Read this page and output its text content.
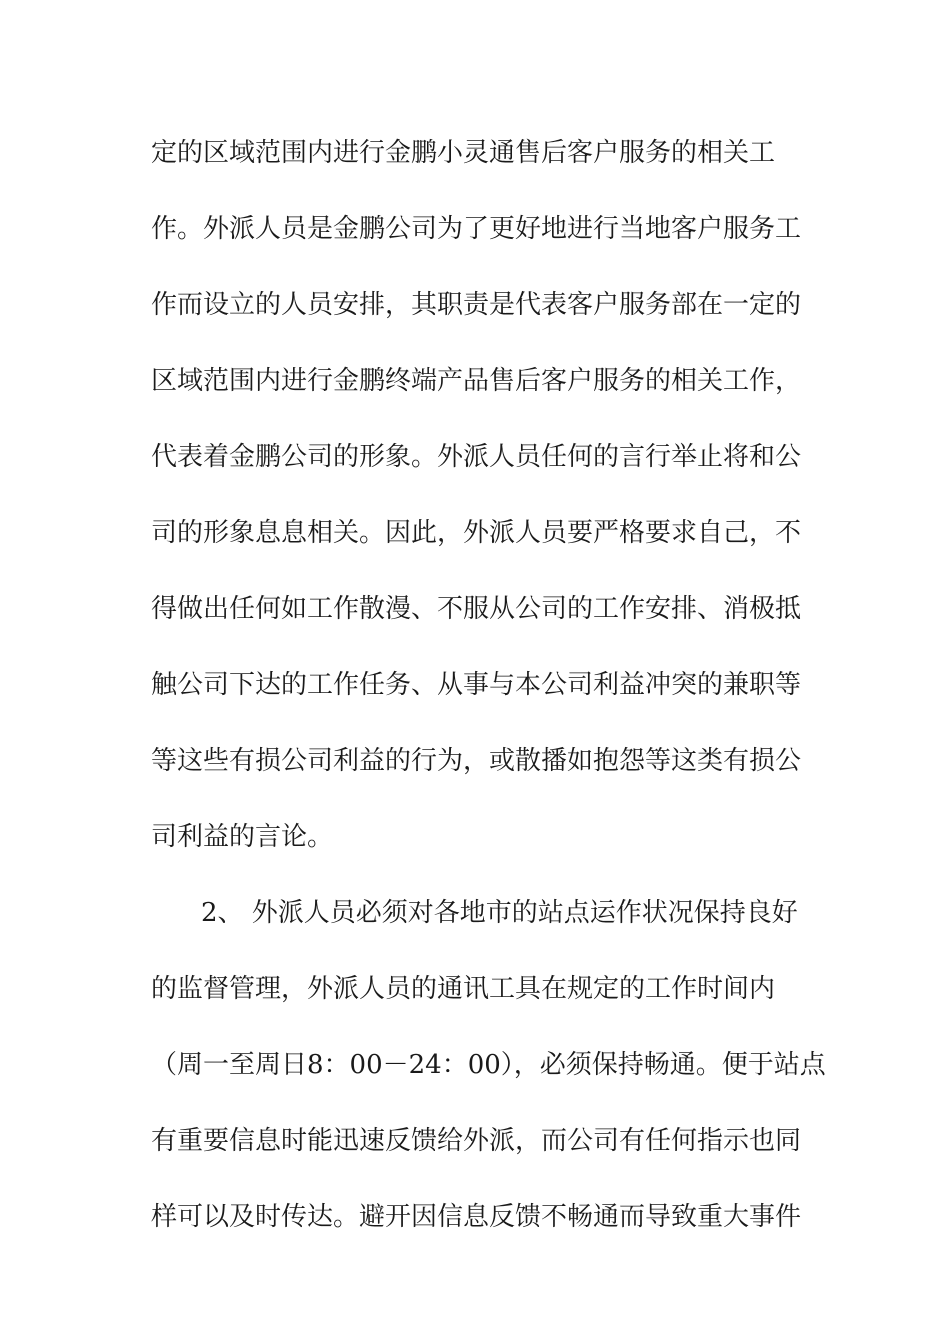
定的区域范围内进行金鹏小灵通售后客户服务的相关工
作。外派人员是金鹏公司为了更好地进行当地客户服务工
作而设立的人员安排，其职责是代表客户服务部在一定的
区域范围内进行金鹏终端产品售后客户服务的相关工作，
代表着金鹏公司的形象。外派人员任何的言行举止将和公
司的形象息息相关。因此，外派人员要严格要求自己，不
得做出任何如工作散漫、不服从公司的工作安排、消极抵
触公司下达的工作任务、从事与本公司利益冲突的兼职等
等这些有损公司利益的行为，或散播如抱怨等这类有损公
司利益的言论。
2、 外派人员必须对各地市的站点运作状况保持良好
的监督管理，外派人员的通讯工具在规定的工作时间内
（周一至周日8：00－24：00），必须保持畅通。便于站点
有重要信息时能迅速反馈给外派，而公司有任何指示也同
样可以及时传达。避开因信息反馈不畅通而导致重大事件
